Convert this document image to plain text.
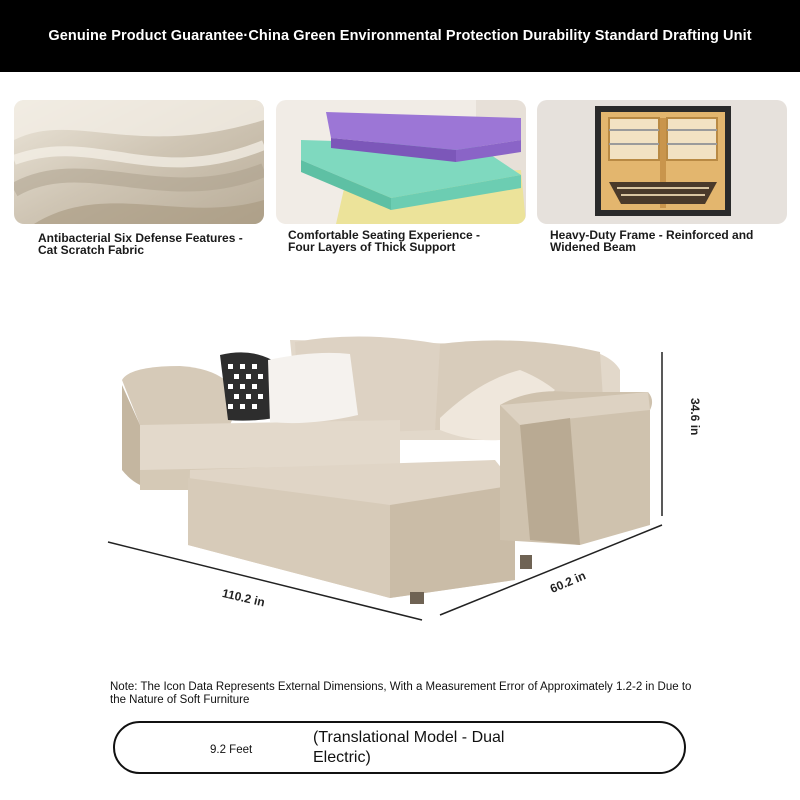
Genuine Product Guarantee·China Green Environmental Protection Durability Standard Drafting Unit
Antibacterial Six Defense Features - Cat Scratch Fabric
Comfortable Seating Experience - Four Layers of Thick Support
Heavy-Duty Frame - Reinforced and Widened Beam
110.2 in
60.2 in
34.6 in
Note: The Icon Data Represents External Dimensions, With a Measurement Error of Approximately 1.2-2 in Due to the Nature of Soft Furniture
9.2 Feet
(Translational Model - Dual Electric)
